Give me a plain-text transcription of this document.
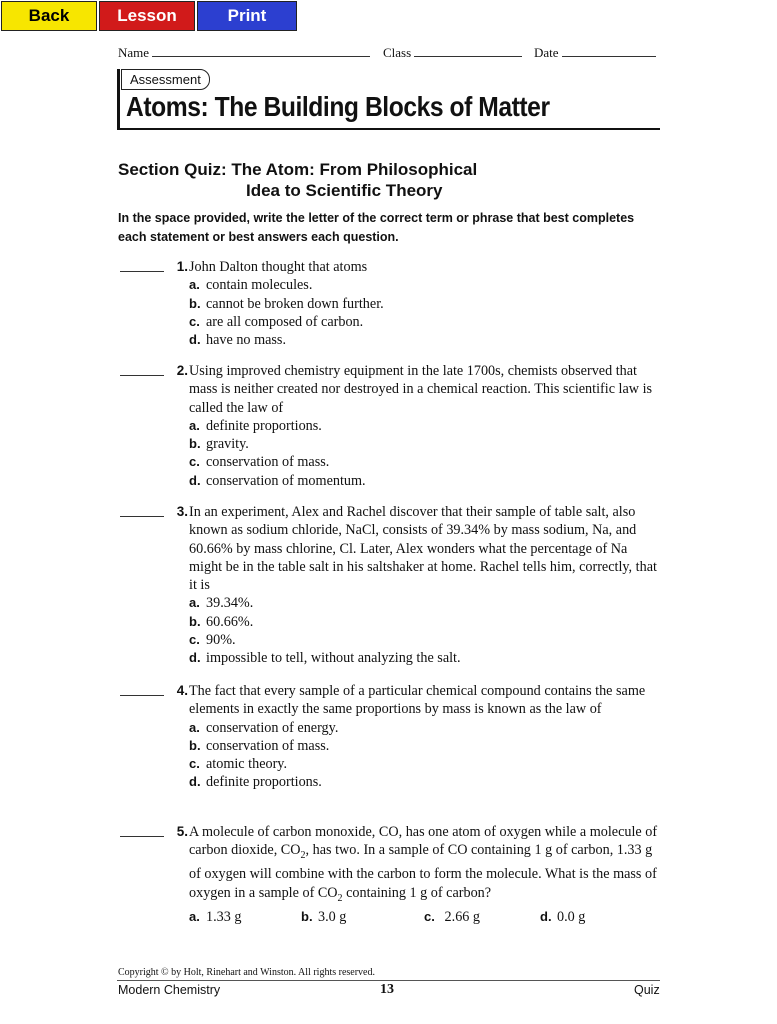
Back	Lesson	Print
Name	Class	Date
Assessment
Atoms: The Building Blocks of Matter
Section Quiz: The Atom: From Philosophical
Idea to Scientific Theory
In the space provided, write the letter of the correct term or phrase that best completes each statement or best answers each question.
1. John Dalton thought that atoms
a. contain molecules.
b. cannot be broken down further.
c. are all composed of carbon.
d. have no mass.
2. Using improved chemistry equipment in the late 1700s, chemists observed that mass is neither created nor destroyed in a chemical reaction. This scientific law is called the law of
a. definite proportions.
b. gravity.
c. conservation of mass.
d. conservation of momentum.
3. In an experiment, Alex and Rachel discover that their sample of table salt, also known as sodium chloride, NaCl, consists of 39.34% by mass sodium, Na, and 60.66% by mass chlorine, Cl. Later, Alex wonders what the percentage of Na might be in the table salt in his saltshaker at home. Rachel tells him, correctly, that it is
a. 39.34%.
b. 60.66%.
c. 90%.
d. impossible to tell, without analyzing the salt.
4. The fact that every sample of a particular chemical compound contains the same elements in exactly the same proportions by mass is known as the law of
a. conservation of energy.
b. conservation of mass.
c. atomic theory.
d. definite proportions.
5. A molecule of carbon monoxide, CO, has one atom of oxygen while a molecule of carbon dioxide, $CO_2$, has two. In a sample of CO containing 1 g of carbon, 1.33 g of oxygen will combine with the carbon to form the molecule. What is the mass of oxygen in a sample of $CO_2$ containing 1 g of carbon?
a. 1.33 g	b. 3.0 g	c. 2.66 g	d. 0.0 g
Copyright © by Holt, Rinehart and Winston. All rights reserved.
Modern Chemistry	13	Quiz
